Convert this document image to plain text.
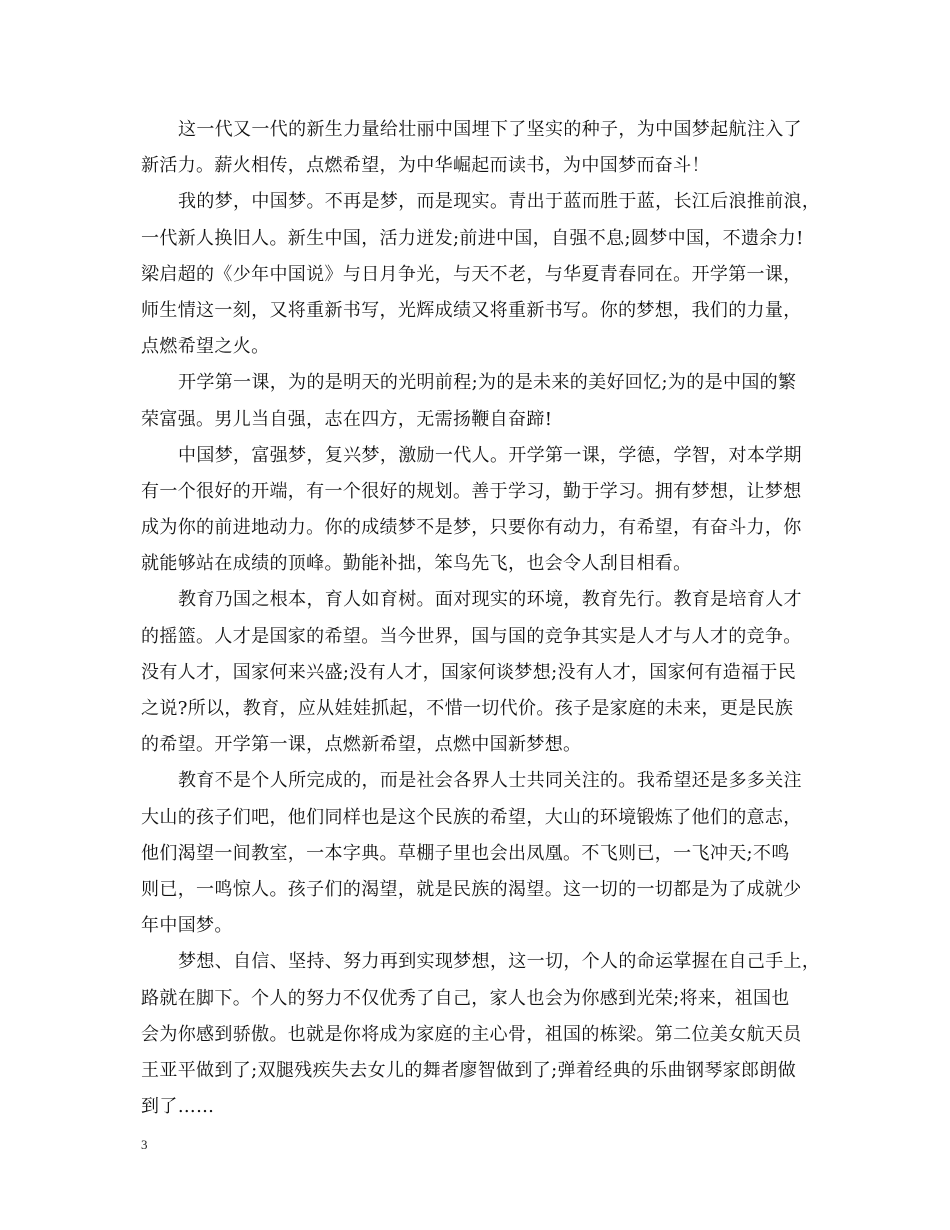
这一代又一代的新生力量给壮丽中国埋下了坚实的种子，为中国梦起航注入了
新活力。薪火相传，点燃希望，为中华崛起而读书，为中国梦而奋斗！
我的梦，中国梦。不再是梦，而是现实。青出于蓝而胜于蓝，长江后浪推前浪，
一代新人换旧人。新生中国，活力迸发;前进中国，自强不息;圆梦中国，不遗余力!
梁启超的《少年中国说》与日月争光，与天不老，与华夏青春同在。开学第一课，
师生情这一刻，又将重新书写，光辉成绩又将重新书写。你的梦想，我们的力量，
点燃希望之火。
开学第一课，为的是明天的光明前程;为的是未来的美好回忆;为的是中国的繁
荣富强。男儿当自强，志在四方，无需扬鞭自奋蹄!
中国梦，富强梦，复兴梦，激励一代人。开学第一课，学德，学智，对本学期
有一个很好的开端，有一个很好的规划。善于学习，勤于学习。拥有梦想，让梦想
成为你的前进地动力。你的成绩梦不是梦，只要你有动力，有希望，有奋斗力，你
就能够站在成绩的顶峰。勤能补拙，笨鸟先飞，也会令人刮目相看。
教育乃国之根本，育人如育树。面对现实的环境，教育先行。教育是培育人才
的摇篮。人才是国家的希望。当今世界，国与国的竞争其实是人才与人才的竞争。
没有人才，国家何来兴盛;没有人才，国家何谈梦想;没有人才，国家何有造福于民
之说?所以，教育，应从娃娃抓起，不惜一切代价。孩子是家庭的未来，更是民族
的希望。开学第一课，点燃新希望，点燃中国新梦想。
教育不是个人所完成的，而是社会各界人士共同关注的。我希望还是多多关注
大山的孩子们吧，他们同样也是这个民族的希望，大山的环境锻炼了他们的意志，
他们渴望一间教室，一本字典。草棚子里也会出凤凰。不飞则已，一飞冲天;不鸣
则已，一鸣惊人。孩子们的渴望，就是民族的渴望。这一切的一切都是为了成就少
年中国梦。
梦想、自信、坚持、努力再到实现梦想，这一切，个人的命运掌握在自己手上，
路就在脚下。个人的努力不仅优秀了自己，家人也会为你感到光荣;将来，祖国也
会为你感到骄傲。也就是你将成为家庭的主心骨，祖国的栋梁。第二位美女航天员
王亚平做到了;双腿残疾失去女儿的舞者廖智做到了;弹着经典的乐曲钢琴家郎朗做
到了……
3
